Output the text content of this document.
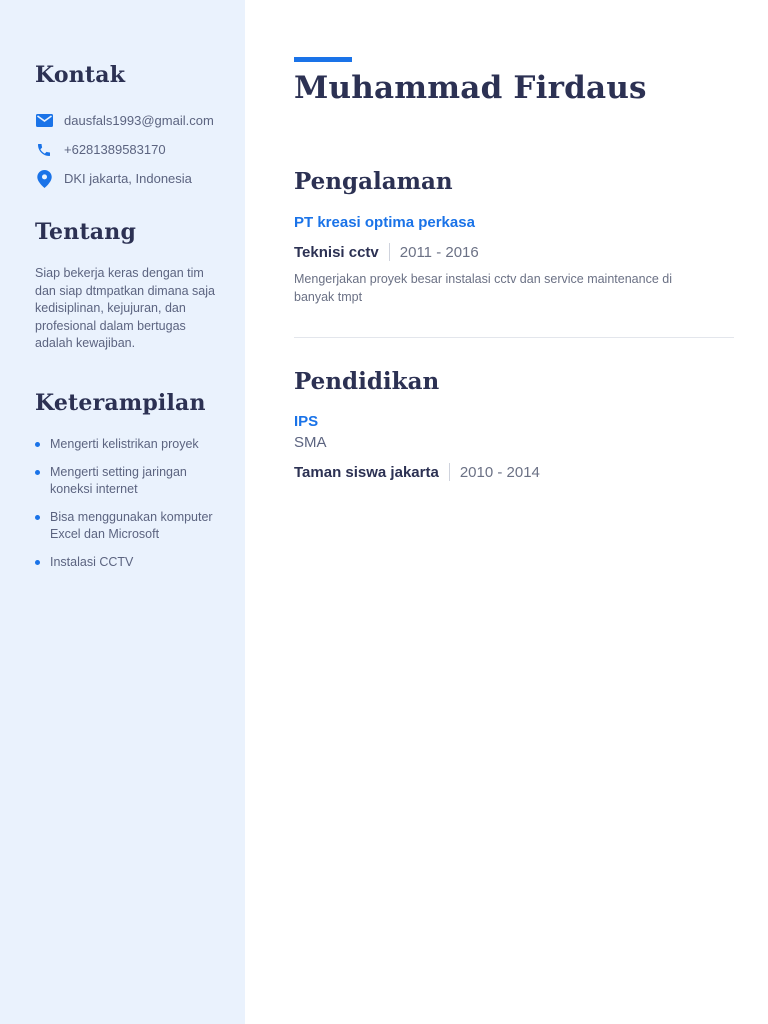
Kontak
dausfals1993@gmail.com
+6281389583170
DKI jakarta, Indonesia
Tentang

Siap bekerja keras dengan tim dan siap dtmpatkan dimana saja kedisiplinan, kejujuran, dan profesional dalam bertugas adalah kewajiban.

Keterampilan
Mengerti kelistrikan proyek
Mengerti setting jaringan koneksi internet
Bisa menggunakan komputer Excel dan Microsoft
Instalasi CCTV
Muhammad Firdaus
Pengalaman
PT kreasi optima perkasa
Teknisi cctv 2011 - 2016

Mengerjakan proyek besar instalasi cctv dan service maintenance di banyak tmpt

Pendidikan
IPS
SMA
Taman siswa jakarta 2010 - 2014
